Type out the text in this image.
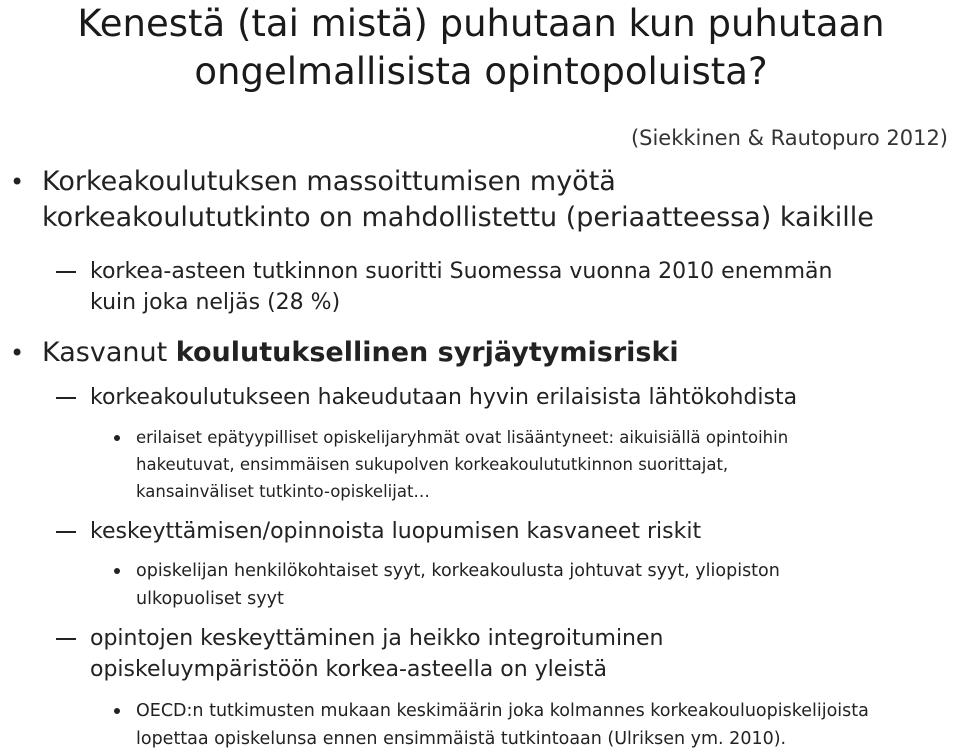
Kenestä (tai mistä) puhutaan kun puhutaan
ongelmallisista opintopoluista?
(Siekkinen & Rautopuro 2012)
• Korkeakoulutuksen massoittumisen myötä
korkeakoulututkinto on mahdollistettu (periaatteessa) kaikille
korkea-asteen tutkinnon suoritti Suomessa vuonna 2010 enemmän
kuin joka neljäs (28 %)
• Kasvanut koulutuksellinen syrjäytymisriski
korkeakoulutukseen hakeudutaan hyvin erilaisista lähtökohdista
erilaiset epätyypilliset opiskelijaryhmät ovat lisääntyneet: aikuisiällä opintoihin
hakeutuvat, ensimmäisen sukupolven korkeakoulututkinnon suorittajat,
kansainväliset tutkinto-opiskelijat…
keskeyttämisen/opinnoista luopumisen kasvaneet riskit
opiskelijan henkilökohtaiset syyt, korkeakoulusta johtuvat syyt, yliopiston
ulkopuoliset syyt
opintojen keskeyttäminen ja heikko integroituminen
opiskeluympäristöön korkea-asteella on yleistä
OECD:n tutkimusten mukaan keskimäärin joka kolmannes korkeakouluopiskelijoista
lopettaa opiskelunsa ennen ensimmäistä tutkintoaan (Ulriksen ym. 2010).
